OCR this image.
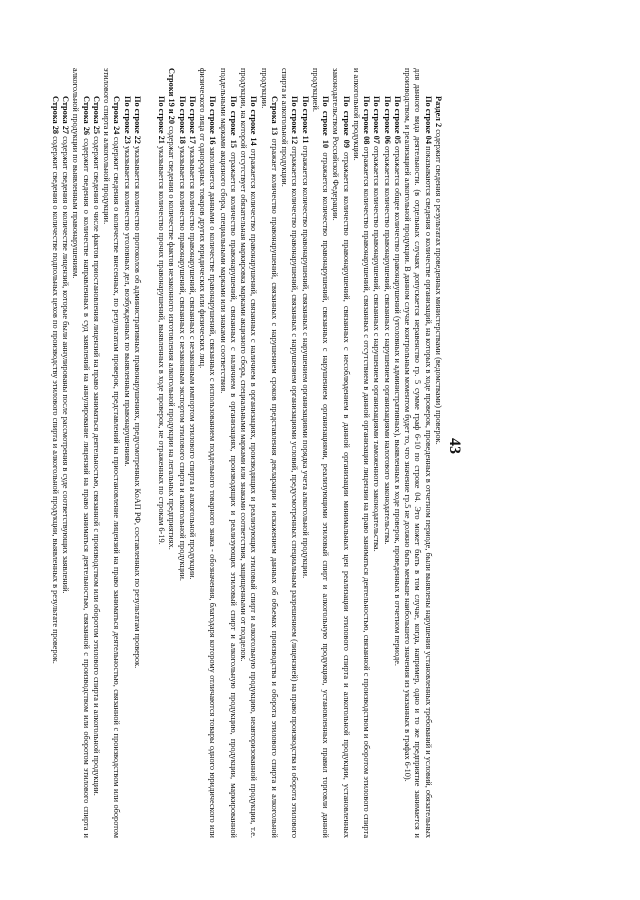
43

Раздел 2 содержит сведения о результатах проведенных министерствами (ведомствами) проверок.

По строке 04 показываются сведения о количестве организаций, на которых в ходе проверок, проведенных в отчетном периоде, были выявлены нарушения установленных требований и условий, обязательных для данного вида деятельности. (в отдельных случаях допускается неравенство гр. 5 сумме граф 6-10 по строке 04. Это может быть в том случае, когда, например, одно и то же предприятие занимается и производством, и реализацией алкогольной продукции. В данном случае контрольным моментом будет то, что значение гр.5 не должно быть меньше наибольшего значения из указанных в графах 6-10).

По строке 05 отражается общее количество правонарушений (уголовных и административных), выявленных в ходе проверок, проведенных в отчетном периоде.

По строке 06 отражается количество правонарушений, связанных с нарушением организациями налогового законодательства.

По строке 07 отражается количество правонарушений, связанных с нарушением организациями таможенного законодательства.

По строке 08 отражается количество правонарушений, связанных с отсутствием в данной организации лицензии на право заниматься деятельностью, связанной с производством и оборотом этилового спирта и алкогольной продукции.

По строке 09 отражается количество правонарушений, связанных с несоблюдением в данной организации минимальных цен реализации этилового спирта и алкогольной продукции, установленных законодательством Российской Федерации.

По строке 10 отражается количество правонарушений, связанных с нарушением организациями, реализующими этиловый спирт и алкогольную продукцию, установленных правил торговли данной продукцией.

По строке 11 отражается количество правонарушений, связанных с нарушением организациями порядка учета алкогольной продукции.

По строке 12 отражается количество правонарушений, связанных с нарушением организациями условий, предусмотренных специальным разрешением (лицензией) на право производства и оборота этилового спирта и алкогольной продукции.

Строка 13 отражает количество правонарушений, связанных с нарушением сроков представления декларации и искажением данных об объемах производства и оборота этилового спирта и алкогольной продукции.

По строке 14 отражается количество правонарушений, связанных с наличием в организациях, производящих и реализующих этиловый спирт и алкогольную продукцию, неавторизованной продукции, т.е. продукции, на которой отсутствует обязательная маркировка марками акцизного сбора, специальными марками или знаками соответствия, защищенными от подделок.

По строке 15 отражается количество правонарушений, связанных с наличием в организациях, производящих и реализующих этиловый спирт и алкогольную продукцию, продукции, маркированной поддельными марками акцизного сбора, специальными марками или знаками соответствия.

По строке 16 заполняется данными о количестве правонарушений, связанных с использованием поддельного товарного знака - обозначения, благодаря которому отличаются товары одного юридического или физического лица от однородных товаров других юридических или физических лиц.

По строке 17 указывается количество правонарушений, связанных с незаконным импортом этилового спирта и алкогольной продукции.

По строке 18 указывается количество правонарушений, связанных с незаконным экспортом этилового спирта и алкогольной продукции.

Строки 19 и 20 содержат сведения о количестве фактов незаконного изготовления алкогольной продукции на легальных предприятиях.

По строке 21 указывается количество прочих правонарушений, выявленных в ходе проверок, не отраженных по строкам 6-19.

По строке 22 указывается количество протоколов об административных правонарушениях, предусмотренных КоАП РФ, составленных по результатам проверок.

По строке 23 указывается количество уголовных дел, возбужденных по выявленным правонарушениям.

Строка 24 содержит сведения о количестве внесенных, по результатам проверок, представлений на приостановление лицензий на право заниматься деятельностью, связанной с производством или оборотом этилового спирта и алкогольной продукции.

Строка 25 содержит сведения о числе фактов приостановления лицензий на право заниматься деятельностью, связанной с производством или оборотом этилового спирта и алкогольной продукции.

Строка 26 содержит сведения о количестве направленных в суд заявлений на аннулирование лицензий на право заниматься деятельностью, связанной с производством или оборотом этилового спирта и алкогольной продукции по выявленным правонарушениям.

Строка 27 содержит сведения о количестве лицензий, которые были аннулированы после рассмотрения в суде соответствующих заявлений.

Строка 28 содержит сведения о количестве подпольных цехов по производству этилового спирта и алкогольной продукции, выявленных в результате проверок.
